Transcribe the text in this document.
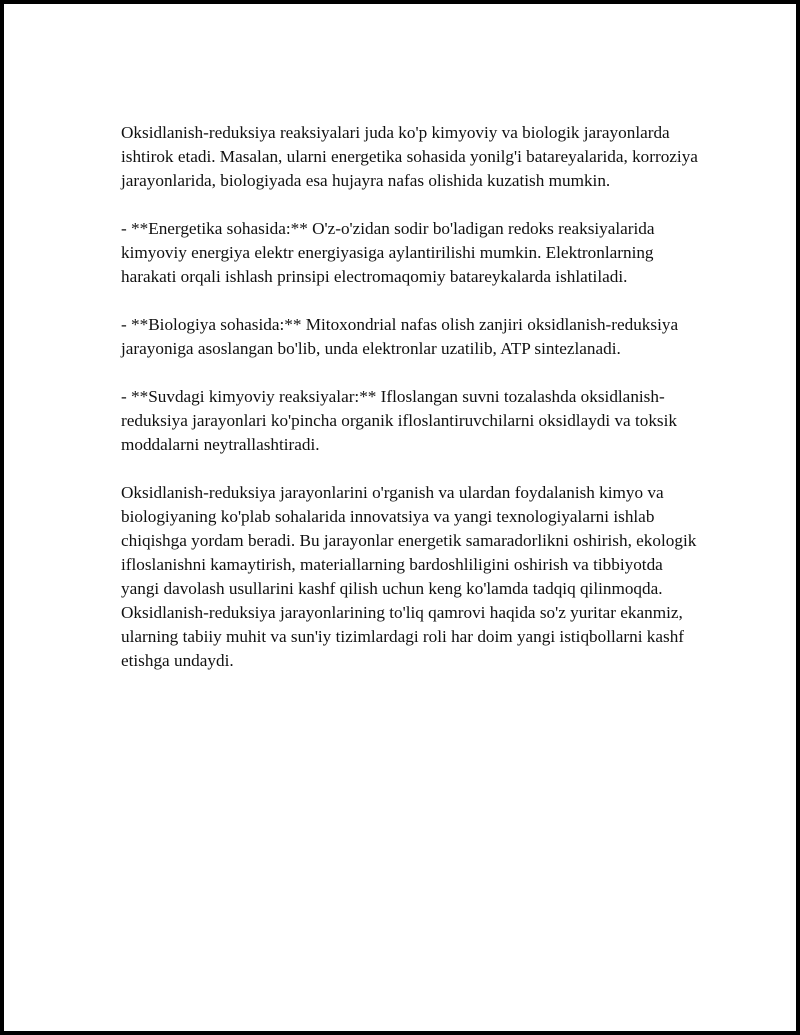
Oksidlanish-reduksiya reaksiyalari juda ko'p kimyoviy va biologik jarayonlarda ishtirok etadi. Masalan, ularni energetika sohasida yonilg'i batareyalarida, korroziya jarayonlarida, biologiyada esa hujayra nafas olishida kuzatish mumkin.

- **Energetika sohasida:** O'z-o'zidan sodir bo'ladigan redoks reaksiyalarida kimyoviy energiya elektr energiyasiga aylantirilishi mumkin. Elektronlarning harakati orqali ishlash prinsipi electromaqomiy batareykalarda ishlatiladi.

- **Biologiya sohasida:** Mitoxondrial nafas olish zanjiri oksidlanish-reduksiya jarayoniga asoslangan bo'lib, unda elektronlar uzatilib, ATP sintezlanadi.

- **Suvdagi kimyoviy reaksiyalar:** Ifloslangan suvni tozalashda oksidlanish-reduksiya jarayonlari ko'pincha organik ifloslantiruvchilarni oksidlaydi va toksik moddalarni neytrallashtiradi.

Oksidlanish-reduksiya jarayonlarini o'rganish va ulardan foydalanish kimyo va biologiyaning ko'plab sohalarida innovatsiya va yangi texnologiyalarni ishlab chiqishga yordam beradi. Bu jarayonlar energetik samaradorlikni oshirish, ekologik ifloslanishni kamaytirish, materiallarning bardoshliligini oshirish va tibbiyotda yangi davolash usullarini kashf qilish uchun keng ko'lamda tadqiq qilinmoqda. Oksidlanish-reduksiya jarayonlarining to'liq qamrovi haqida so'z yuritar ekanmiz, ularning tabiiy muhit va sun'iy tizimlardagi roli har doim yangi istiqbollarni kashf etishga undaydi.
